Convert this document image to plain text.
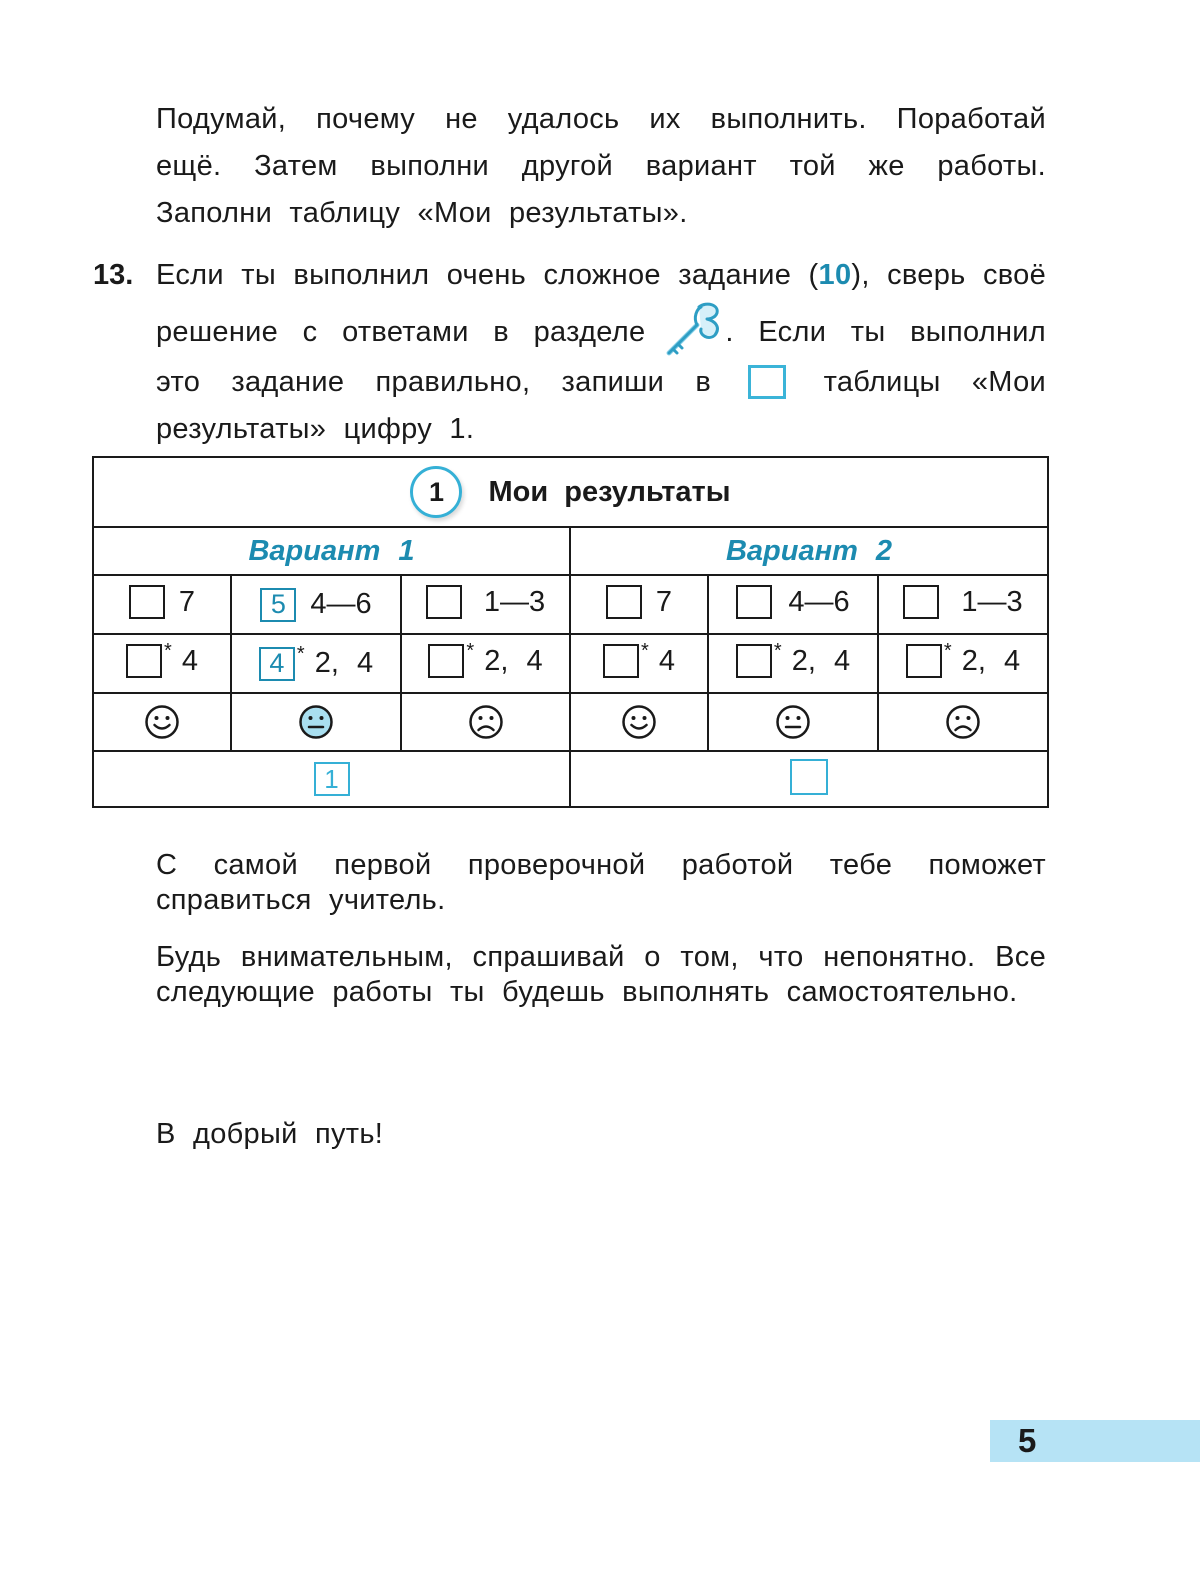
Подумай, почему не удалось их выполнить. Поработай ещё. Затем выполни другой вариант той же работы. Заполни таблицу «Мои результаты».

13. Если ты выполнил очень сложное задание (10), сверь своё решение с ответами в разделе	. Если ты выполнил это задание правильно, запиши в	таблицы «Мои результаты» цифру 1.

1 Мои результаты					

Вариант 1			Вариант 2		

7	5 4—6	1—3	7	4—6	1—3

* 4	4 * 2, 4	* 2, 4	* 4	* 2, 4	* 2, 4

1					

С самой первой проверочной работой тебе поможет справиться учитель.

Будь внимательным, спрашивай о том, что непонятно. Все следующие работы ты будешь выполнять самостоятельно.

В добрый путь!

5
